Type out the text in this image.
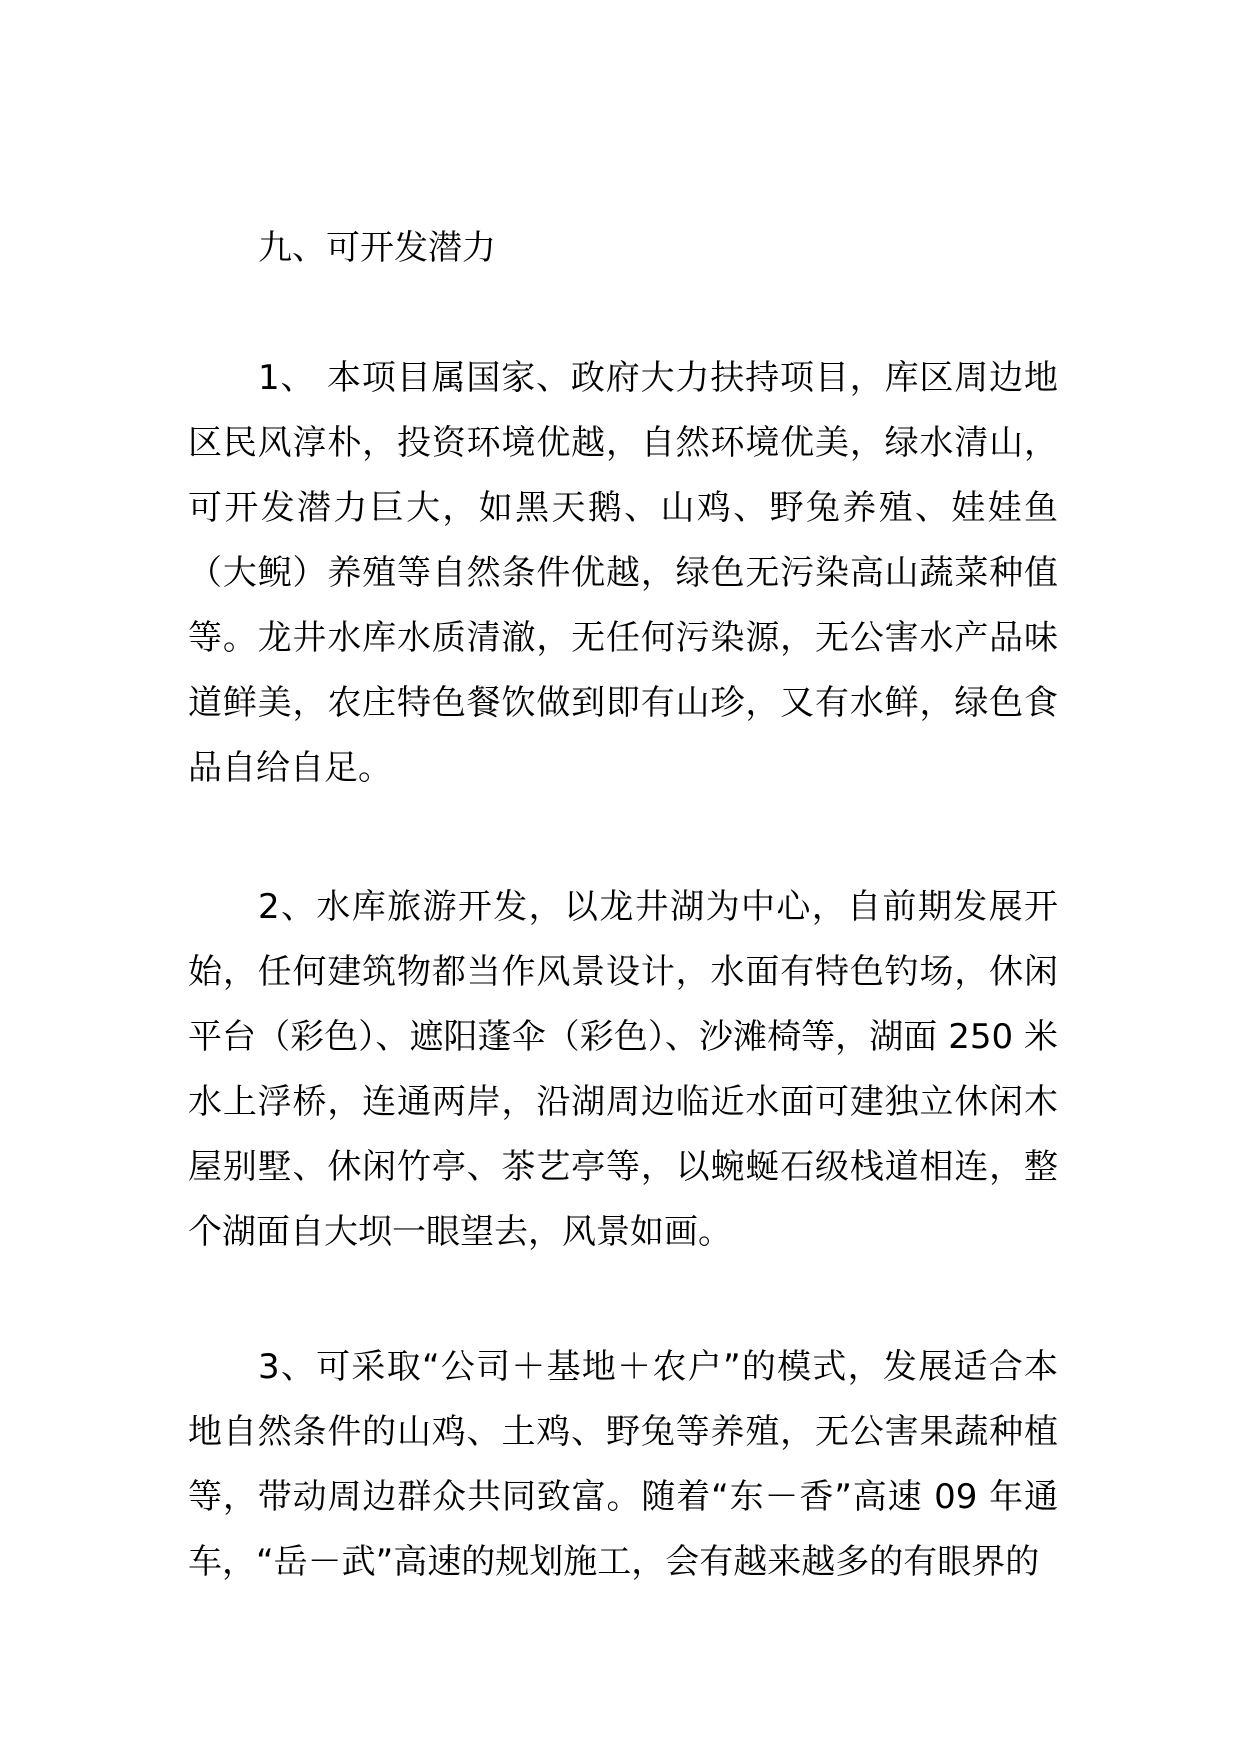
九、可开发潜力

1、 本项目属国家、政府大力扶持项目，库区周边地区民风淳朴，投资环境优越，自然环境优美，绿水清山，可开发潜力巨大，如黑天鹅、山鸡、野兔养殖、娃娃鱼（大鲵）养殖等自然条件优越，绿色无污染高山蔬菜种值等。龙井水库水质清澈，无任何污染源，无公害水产品味道鲜美，农庄特色餐饮做到即有山珍，又有水鲜，绿色食品自给自足。

2、水库旅游开发，以龙井湖为中心，自前期发展开始，任何建筑物都当作风景设计，水面有特色钓场，休闲平台（彩色）、遮阳蓬伞（彩色）、沙滩椅等，湖面 250 米水上浮桥，连通两岸，沿湖周边临近水面可建独立休闲木屋别墅、休闲竹亭、茶艺亭等，以蜿蜒石级栈道相连，整个湖面自大坝一眼望去，风景如画。

3、可采取“公司＋基地＋农户”的模式，发展适合本地自然条件的山鸡、土鸡、野兔等养殖，无公害果蔬种植等，带动周边群众共同致富。随着“东－香”高速 09 年通车，“岳－武”高速的规划施工，会有越来越多的有眼界的
